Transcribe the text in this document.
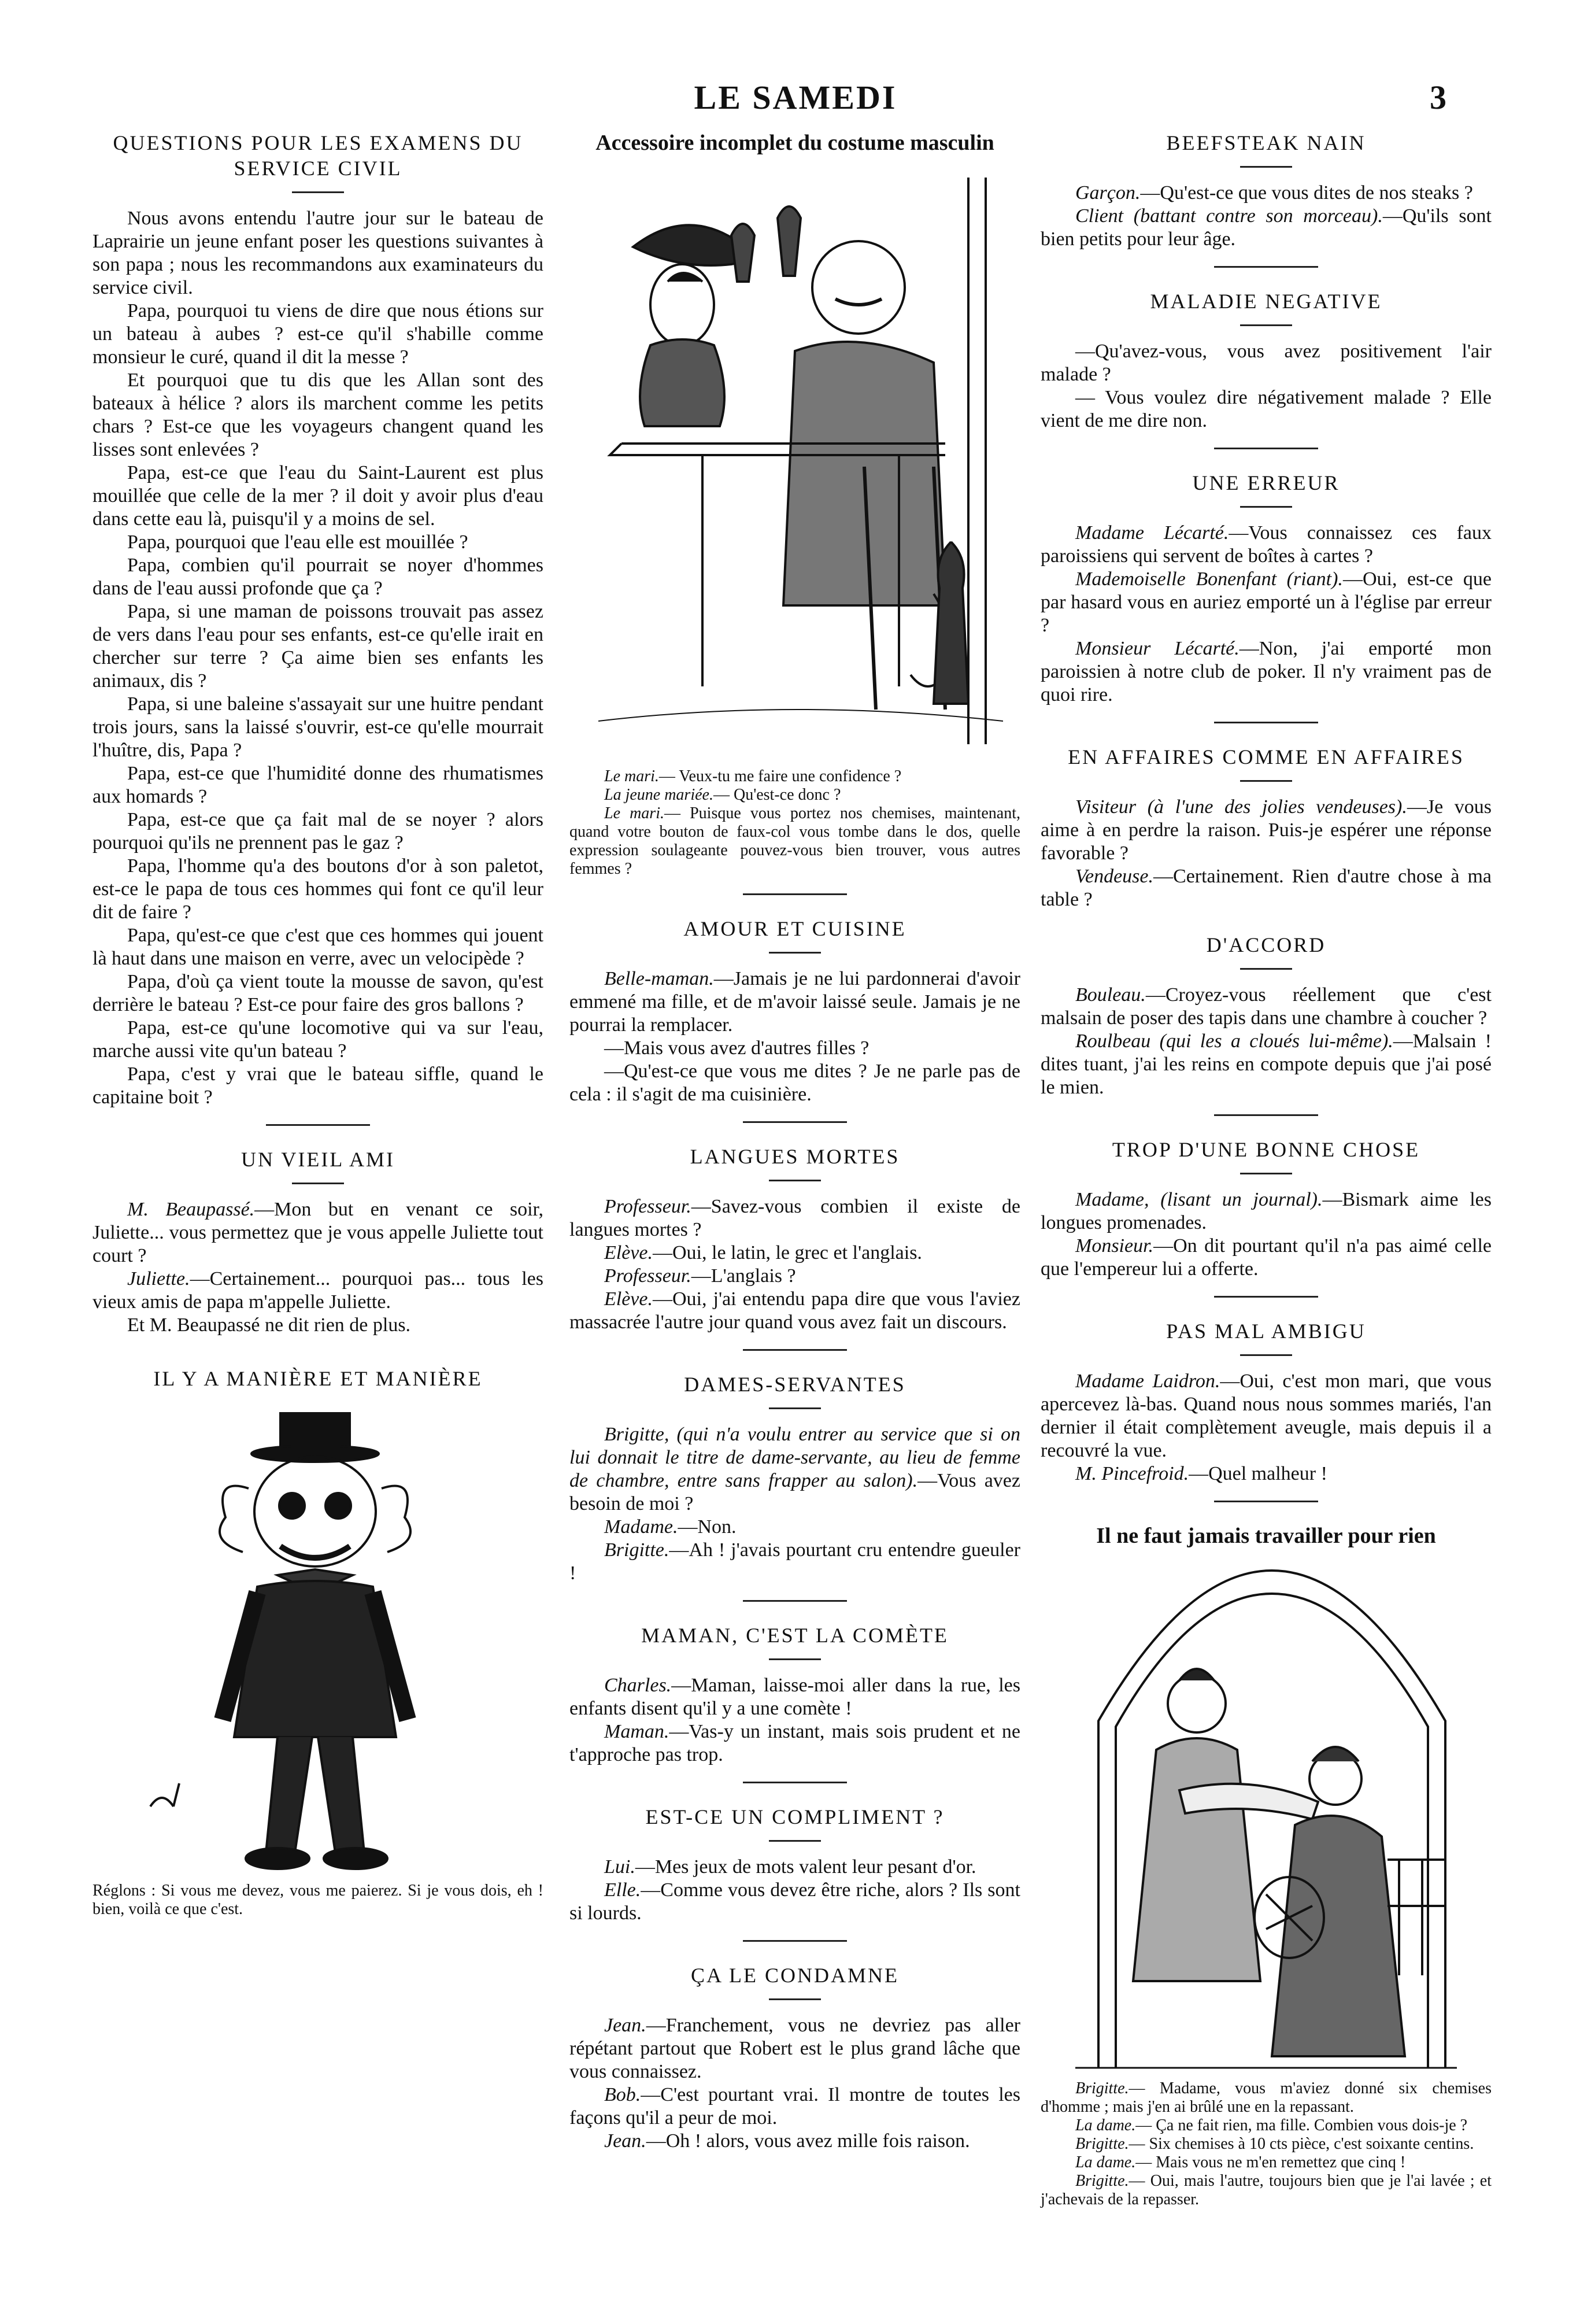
LE SAMEDI	3
QUESTIONS POUR LES EXAMENS DU SERVICE CIVIL

Nous avons entendu l'autre jour sur le bateau de Laprairie un jeune enfant poser les questions suivantes à son papa ; nous les recommandons aux examinateurs du service civil.

Papa, pourquoi tu viens de dire que nous étions sur un bateau à aubes ? est-ce qu'il s'habille comme monsieur le curé, quand il dit la messe ?

Et pourquoi que tu dis que les Allan sont des bateaux à hélice ? alors ils marchent comme les petits chars ? Est-ce que les voyageurs changent quand les lisses sont enlevées ?

Papa, est-ce que l'eau du Saint-Laurent est plus mouillée que celle de la mer ? il doit y avoir plus d'eau dans cette eau là, puisqu'il y a moins de sel.

Papa, pourquoi que l'eau elle est mouillée ?

Papa, combien qu'il pourrait se noyer d'hommes dans de l'eau aussi profonde que ça ?

Papa, si une maman de poissons trouvait pas assez de vers dans l'eau pour ses enfants, est-ce qu'elle irait en chercher sur terre ? Ça aime bien ses enfants les animaux, dis ?

Papa, si une baleine s'assayait sur une huitre pendant trois jours, sans la laissé s'ouvrir, est-ce qu'elle mourrait l'huître, dis, Papa ?

Papa, est-ce que l'humidité donne des rhumatismes aux homards ?

Papa, est-ce que ça fait mal de se noyer ? alors pourquoi qu'ils ne prennent pas le gaz ?

Papa, l'homme qu'a des boutons d'or à son paletot, est-ce le papa de tous ces hommes qui font ce qu'il leur dit de faire ?

Papa, qu'est-ce que c'est que ces hommes qui jouent là haut dans une maison en verre, avec un velocipède ?

Papa, d'où ça vient toute la mousse de savon, qu'est derrière le bateau ? Est-ce pour faire des gros ballons ?

Papa, est-ce qu'une locomotive qui va sur l'eau, marche aussi vite qu'un bateau ?

Papa, c'est y vrai que le bateau siffle, quand le capitaine boit ?

UN VIEIL AMI

M. Beaupassé.—Mon but en venant ce soir, Juliette... vous permettez que je vous appelle Juliette tout court ?

Juliette.—Certainement... pourquoi pas... tous les vieux amis de papa m'appelle Juliette.

Et M. Beaupassé ne dit rien de plus.

IL Y A MANIÈRE ET MANIÈRE
Réglons : Si vous me devez, vous me paierez. Si je vous dois, eh ! bien, voilà ce que c'est.
Accessoire incomplet du costume masculin

Le mari.— Veux-tu me faire une confidence ?

La jeune mariée.— Qu'est-ce donc ?

Le mari.— Puisque vous portez nos chemises, maintenant, quand votre bouton de faux-col vous tombe dans le dos, quelle expression soulageante pouvez-vous bien trouver, vous autres femmes ?

AMOUR ET CUISINE

Belle-maman.—Jamais je ne lui pardonnerai d'avoir emmené ma fille, et de m'avoir laissé seule. Jamais je ne pourrai la remplacer.

—Mais vous avez d'autres filles ?

—Qu'est-ce que vous me dites ? Je ne parle pas de cela : il s'agit de ma cuisinière.

LANGUES MORTES

Professeur.—Savez-vous combien il existe de langues mortes ?

Elève.—Oui, le latin, le grec et l'anglais.

Professeur.—L'anglais ?

Elève.—Oui, j'ai entendu papa dire que vous l'aviez massacrée l'autre jour quand vous avez fait un discours.

DAMES-SERVANTES

Brigitte, (qui n'a voulu entrer au service que si on lui donnait le titre de dame-servante, au lieu de femme de chambre, entre sans frapper au salon).—Vous avez besoin de moi ?

Madame.—Non.

Brigitte.—Ah ! j'avais pourtant cru entendre gueuler !

MAMAN, C'EST LA COMÈTE

Charles.—Maman, laisse-moi aller dans la rue, les enfants disent qu'il y a une comète !

Maman.—Vas-y un instant, mais sois prudent et ne t'approche pas trop.

EST-CE UN COMPLIMENT ?

Lui.—Mes jeux de mots valent leur pesant d'or.

Elle.—Comme vous devez être riche, alors ? Ils sont si lourds.

ÇA LE CONDAMNE

Jean.—Franchement, vous ne devriez pas aller répétant partout que Robert est le plus grand lâche que vous connaissez.

Bob.—C'est pourtant vrai. Il montre de toutes les façons qu'il a peur de moi.

Jean.—Oh ! alors, vous avez mille fois raison.

BEEFSTEAK NAIN

Garçon.—Qu'est-ce que vous dites de nos steaks ?

Client (battant contre son morceau).—Qu'ils sont bien petits pour leur âge.

MALADIE NEGATIVE

—Qu'avez-vous, vous avez positivement l'air malade ?

— Vous voulez dire négativement malade ? Elle vient de me dire non.

UNE ERREUR

Madame Lécarté.—Vous connaissez ces faux paroissiens qui servent de boîtes à cartes ?

Mademoiselle Bonenfant (riant).—Oui, est-ce que par hasard vous en auriez emporté un à l'église par erreur ?

Monsieur Lécarté.—Non, j'ai emporté mon paroissien à notre club de poker. Il n'y vraiment pas de quoi rire.

EN AFFAIRES COMME EN AFFAIRES

Visiteur (à l'une des jolies vendeuses).—Je vous aime à en perdre la raison. Puis-je espérer une réponse favorable ?

Vendeuse.—Certainement. Rien d'autre chose à ma table ?

D'ACCORD

Bouleau.—Croyez-vous réellement que c'est malsain de poser des tapis dans une chambre à coucher ?

Roulbeau (qui les a cloués lui-même).—Malsain ! dites tuant, j'ai les reins en compote depuis que j'ai posé le mien.

TROP D'UNE BONNE CHOSE

Madame, (lisant un journal).—Bismark aime les longues promenades.

Monsieur.—On dit pourtant qu'il n'a pas aimé celle que l'empereur lui a offerte.

PAS MAL AMBIGU

Madame Laidron.—Oui, c'est mon mari, que vous apercevez là-bas. Quand nous nous sommes mariés, l'an dernier il était complètement aveugle, mais depuis il a recouvré la vue.

M. Pincefroid.—Quel malheur !

Il ne faut jamais travailler pour rien

Brigitte.— Madame, vous m'aviez donné six chemises d'homme ; mais j'en ai brûlé une en la repassant.

La dame.— Ça ne fait rien, ma fille. Combien vous dois-je ?

Brigitte.— Six chemises à 10 cts pièce, c'est soixante centins.

La dame.— Mais vous ne m'en remettez que cinq !

Brigitte.— Oui, mais l'autre, toujours bien que je l'ai lavée ; et j'achevais de la repasser.
